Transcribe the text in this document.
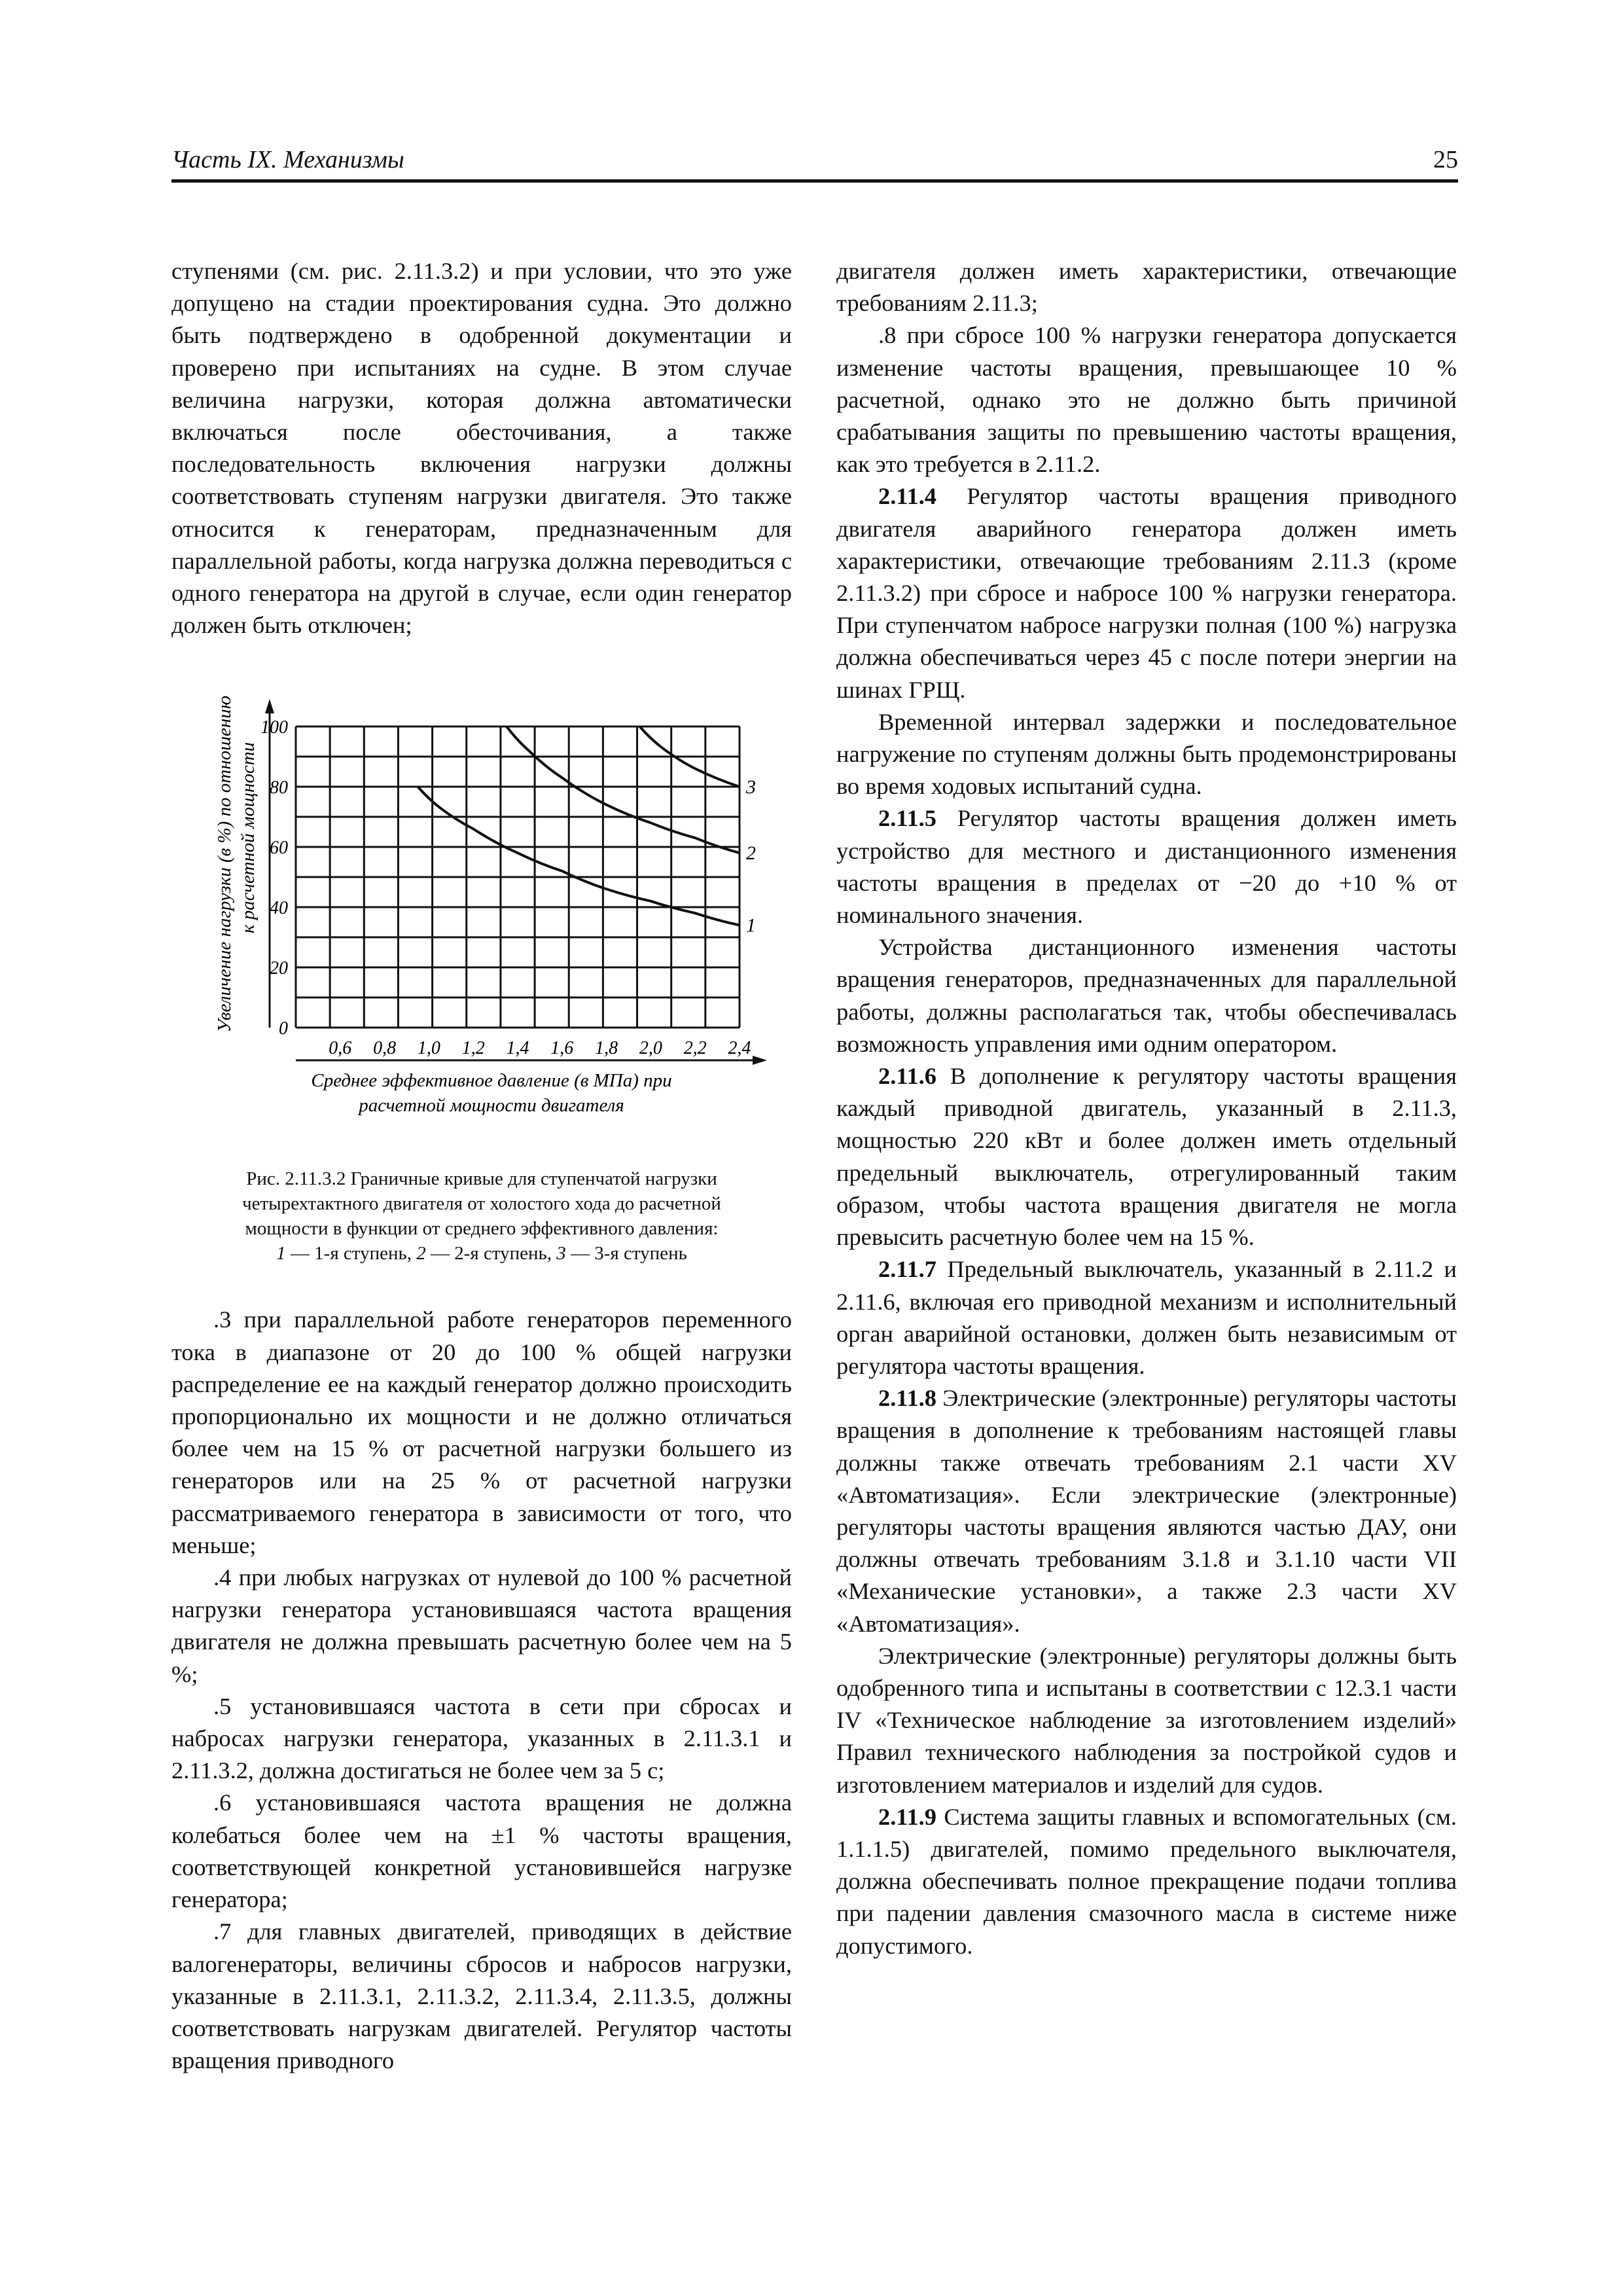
Часть IX. Механизмы	25

ступенями (см. рис. 2.11.3.2) и при условии, что это уже допущено на стадии проектирования судна. Это должно быть подтверждено в одобренной документации и проверено при испытаниях на судне. В этом случае величина нагрузки, которая должна автоматически включаться после обесточивания, а также последовательность включения нагрузки должны соответствовать ступеням нагрузки двигателя. Это также относится к генераторам, предназначенным для параллельной работы, когда нагрузка должна переводиться с одного генератора на другой в случае, если один генератор должен быть отключен;

0
20
40
60
80
100
0,6 0,8 1,0 1,2 1,4 1,6 1,8 2,0 2,2 2,4
1
2
3
Увеличение нагрузки (в %) по отношению к расчетной мощности
Среднее эффективное давление (в МПа) при
расчетной мощности двигателя
Рис. 2.11.3.2 Граничные кривые для ступенчатой нагрузки
четырехтактного двигателя от холостого хода до расчетной
мощности в функции от среднего эффективного давления:
1 — 1-я ступень, 2 — 2-я ступень, 3 — 3-я ступень

.3 при параллельной работе генераторов переменного тока в диапазоне от 20 до 100 % общей нагрузки распределение ее на каждый генератор должно происходить пропорционально их мощности и не должно отличаться более чем на 15 % от расчетной нагрузки большего из генераторов или на 25 % от расчетной нагрузки рассматриваемого генератора в зависимости от того, что меньше;

.4 при любых нагрузках от нулевой до 100 % расчетной нагрузки генератора установившаяся частота вращения двигателя не должна превышать расчетную более чем на 5 %;

.5 установившаяся частота в сети при сбросах и набросах нагрузки генератора, указанных в 2.11.3.1 и 2.11.3.2, должна достигаться не более чем за 5 с;

.6 установившаяся частота вращения не должна колебаться более чем на ±1 % частоты вращения, соответствующей конкретной установившейся нагрузке генератора;

.7 для главных двигателей, приводящих в действие валогенераторы, величины сбросов и набросов нагрузки, указанные в 2.11.3.1, 2.11.3.2, 2.11.3.4, 2.11.3.5, должны соответствовать нагрузкам двигателей. Регулятор частоты вращения приводного

двигателя должен иметь характеристики, отвечающие требованиям 2.11.3;

.8 при сбросе 100 % нагрузки генератора допускается изменение частоты вращения, превышающее 10 % расчетной, однако это не должно быть причиной срабатывания защиты по превышению частоты вращения, как это требуется в 2.11.2.

2.11.4 Регулятор частоты вращения приводного двигателя аварийного генератора должен иметь характеристики, отвечающие требованиям 2.11.3 (кроме 2.11.3.2) при сбросе и набросе 100 % нагрузки генератора. При ступенчатом набросе нагрузки полная (100 %) нагрузка должна обеспечиваться через 45 с после потери энергии на шинах ГРЩ.

Временной интервал задержки и последовательное нагружение по ступеням должны быть продемонстрированы во время ходовых испытаний судна.

2.11.5 Регулятор частоты вращения должен иметь устройство для местного и дистанционного изменения частоты вращения в пределах от −20 до +10 % от номинального значения.

Устройства дистанционного изменения частоты вращения генераторов, предназначенных для параллельной работы, должны располагаться так, чтобы обеспечивалась возможность управления ими одним оператором.

2.11.6 В дополнение к регулятору частоты вращения каждый приводной двигатель, указанный в 2.11.3, мощностью 220 кВт и более должен иметь отдельный предельный выключатель, отрегулированный таким образом, чтобы частота вращения двигателя не могла превысить расчетную более чем на 15 %.

2.11.7 Предельный выключатель, указанный в 2.11.2 и 2.11.6, включая его приводной механизм и исполнительный орган аварийной остановки, должен быть независимым от регулятора частоты вращения.

2.11.8 Электрические (электронные) регуляторы частоты вращения в дополнение к требованиям настоящей главы должны также отвечать требованиям 2.1 части XV «Автоматизация». Если электрические (электронные) регуляторы частоты вращения являются частью ДАУ, они должны отвечать требованиям 3.1.8 и 3.1.10 части VII «Механические установки», а также 2.3 части XV «Автоматизация».

Электрические (электронные) регуляторы должны быть одобренного типа и испытаны в соответствии с 12.3.1 части IV «Техническое наблюдение за изготовлением изделий» Правил технического наблюдения за постройкой судов и изготовлением материалов и изделий для судов.

2.11.9 Система защиты главных и вспомогательных (см. 1.1.1.5) двигателей, помимо предельного выключателя, должна обеспечивать полное прекращение подачи топлива при падении давления смазочного масла в системе ниже допустимого.
